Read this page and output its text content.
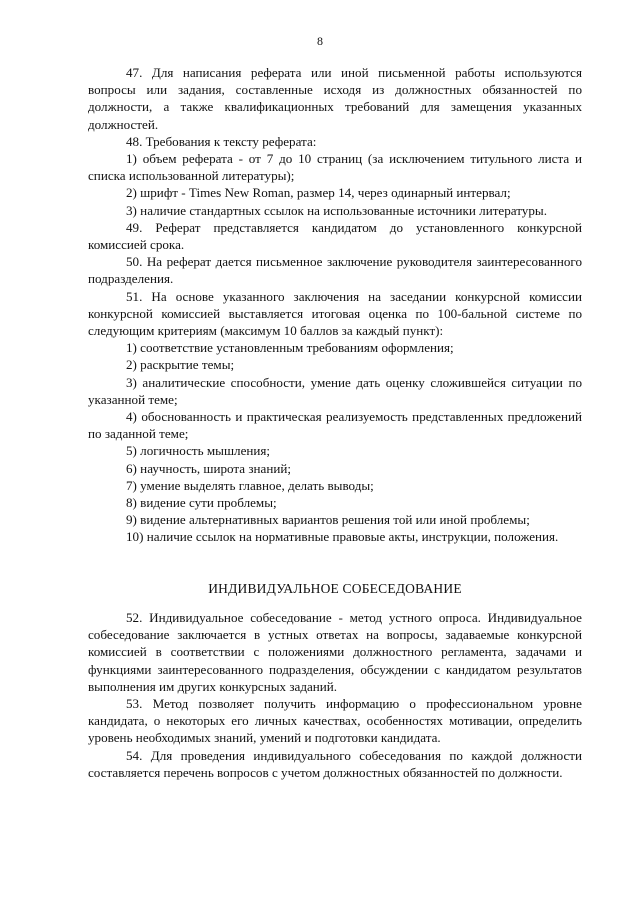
8

47. Для написания реферата или иной письменной работы используются вопросы или задания, составленные исходя из должностных обязанностей по должности, а также квалификационных требований для замещения указанных должностей.

48. Требования к тексту реферата:

1) объем реферата - от 7 до 10 страниц (за исключением титульного листа и списка использованной литературы);

2) шрифт - Times New Roman, размер 14, через одинарный интервал;

3) наличие стандартных ссылок на использованные источники литературы.

49. Реферат представляется кандидатом до установленного конкурсной комиссией срока.

50. На реферат дается письменное заключение руководителя заинтересованного подразделения.

51. На основе указанного заключения на заседании конкурсной комиссии конкурсной комиссией выставляется итоговая оценка по 100-бальной системе по следующим критериям (максимум 10 баллов за каждый пункт):

1) соответствие установленным требованиям оформления;

2) раскрытие темы;

3) аналитические способности, умение дать оценку сложившейся ситуации по указанной теме;

4) обоснованность и практическая реализуемость представленных предложений по заданной теме;

5) логичность мышления;

6) научность, широта знаний;

7) умение выделять главное, делать выводы;

8) видение сути проблемы;

9) видение альтернативных вариантов решения той или иной проблемы;

10) наличие ссылок на нормативные правовые акты, инструкции, положения.

ИНДИВИДУАЛЬНОЕ СОБЕСЕДОВАНИЕ

52. Индивидуальное собеседование - метод устного опроса. Индивидуальное собеседование заключается в устных ответах на вопросы, задаваемые конкурсной комиссией в соответствии с положениями должностного регламента, задачами и функциями заинтересованного подразделения, обсуждении с кандидатом результатов выполнения им других конкурсных заданий.

53. Метод позволяет получить информацию о профессиональном уровне кандидата, о некоторых его личных качествах, особенностях мотивации, определить уровень необходимых знаний, умений и подготовки кандидата.

54. Для проведения индивидуального собеседования по каждой должности составляется перечень вопросов с учетом должностных обязанностей по должности.
